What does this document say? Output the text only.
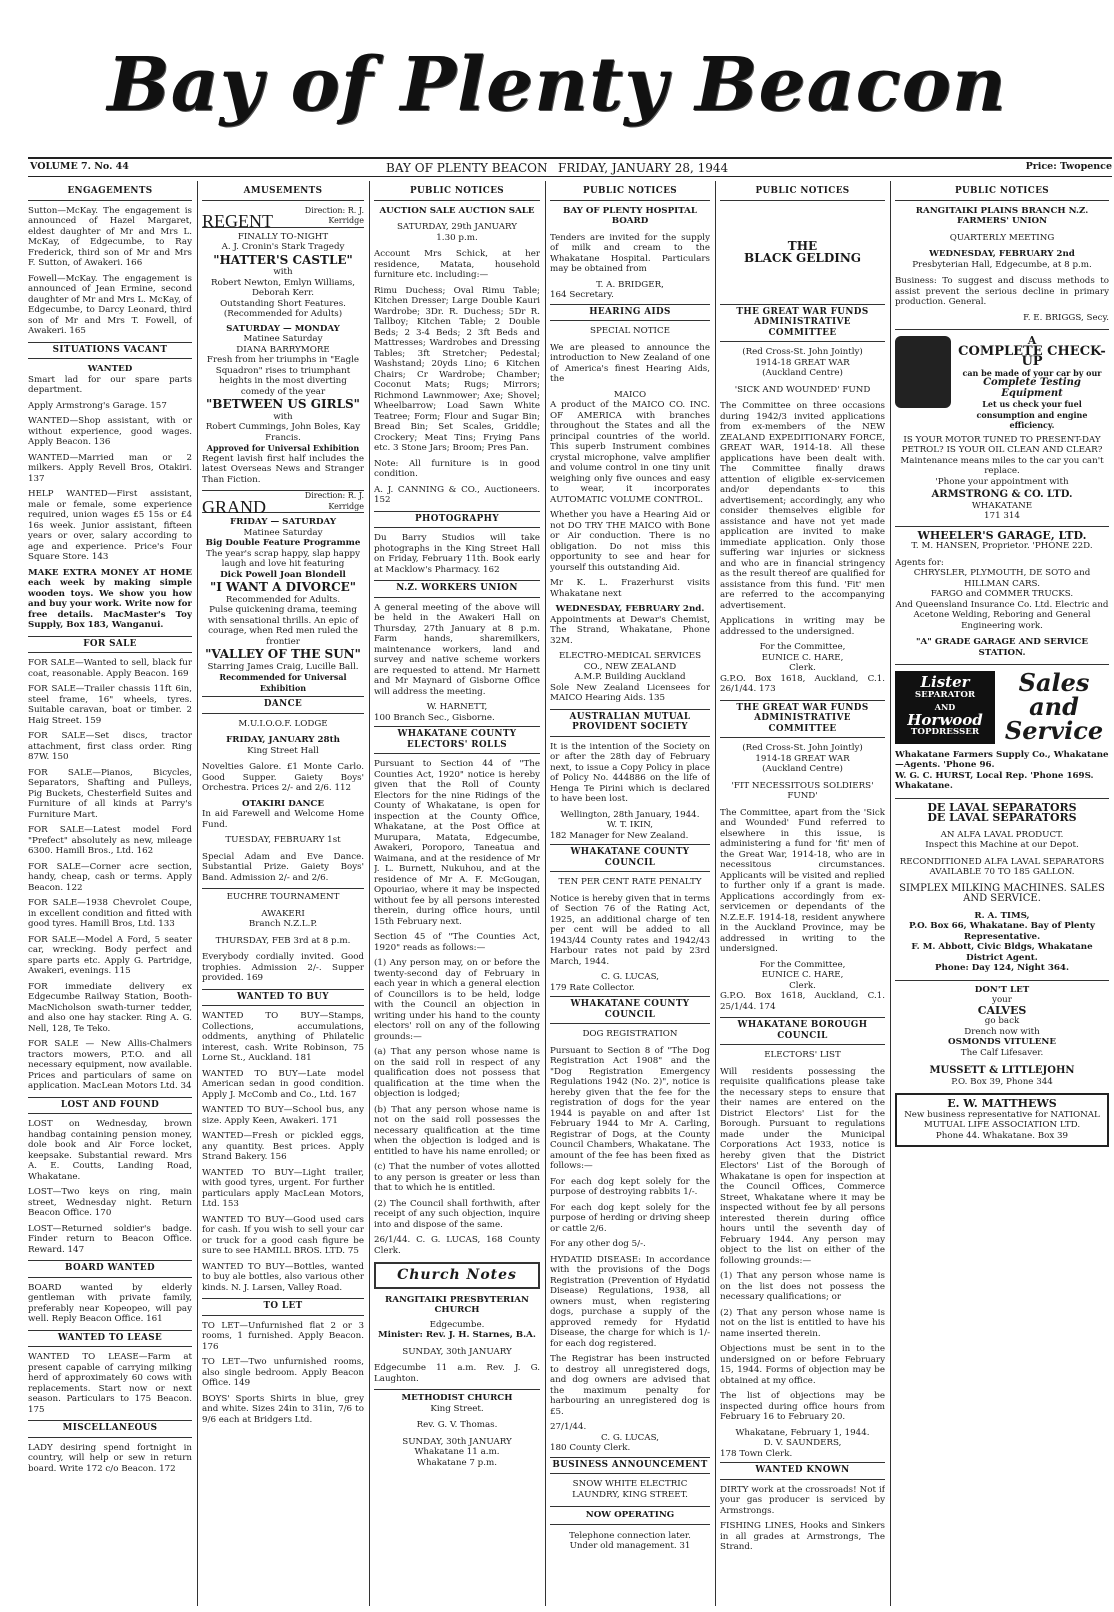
Bay of Plenty Beacon
VOLUME 7. No. 44	BAY OF PLENTY BEACON FRIDAY, JANUARY 28, 1944	Price: Twopence
ENGAGEMENTS

Sutton—McKay. The engagement is announced of Hazel Margaret, eldest daughter of Mr and Mrs L. McKay, of Edgecumbe, to Ray Frederick, third son of Mr and Mrs F. Sutton, of Awakeri. 166

Fowell—McKay. The engagement is announced of Jean Ermine, second daughter of Mr and Mrs L. McKay, of Edgecumbe, to Darcy Leonard, third son of Mr and Mrs T. Fowell, of Awakeri. 165

SITUATIONS VACANT
WANTED

Smart lad for our spare parts department.

Apply Armstrong's Garage. 157

WANTED—Shop assistant, with or without experience, good wages. Apply Beacon. 136

WANTED—Married man or 2 milkers. Apply Revell Bros, Otakiri. 137

HELP WANTED—First assistant, male or female, some experience required, union wages £5 15s or £4 16s week. Junior assistant, fifteen years or over, salary according to age and experience. Price's Four Square Store. 143

MAKE EXTRA MONEY AT HOME each week by making simple wooden toys. We show you how and buy your work. Write now for free details. MacMaster's Toy Supply, Box 183, Wanganui.

FOR SALE

FOR SALE—Wanted to sell, black fur coat, reasonable. Apply Beacon. 169

FOR SALE—Trailer chassis 11ft 6in, steel frame, 16" wheels, tyres. Suitable caravan, boat or timber. 2 Haig Street. 159

FOR SALE—Set discs, tractor attachment, first class order. Ring 87W. 150

FOR SALE—Pianos, Bicycles, Separators, Shafting and Pulleys, Pig Buckets, Chesterfield Suites and Furniture of all kinds at Parry's Furniture Mart.

FOR SALE—Latest model Ford "Prefect" absolutely as new, mileage 6300. Hamill Bros., Ltd. 162

FOR SALE—Corner acre section, handy, cheap, cash or terms. Apply Beacon. 122

FOR SALE—1938 Chevrolet Coupe, in excellent condition and fitted with good tyres. Hamill Bros, Ltd. 133

FOR SALE—Model A Ford, 5 seater car, wrecking. Body perfect and spare parts etc. Apply G. Partridge, Awakeri, evenings. 115

FOR immediate delivery ex Edgecumbe Railway Station, Booth-MacNicholson swath-turner tedder, and also one hay stacker. Ring A. G. Nell, 128, Te Teko.

FOR SALE — New Allis-Chalmers tractors mowers, P.T.O. and all necessary equipment, now available. Prices and particulars of same on application. MacLean Motors Ltd. 34

LOST AND FOUND

LOST on Wednesday, brown handbag containing pension money, dole book and Air Force locket, keepsake. Substantial reward. Mrs A. E. Coutts, Landing Road, Whakatane.

LOST—Two keys on ring, main street, Wednesday night. Return Beacon Office. 170

LOST—Returned soldier's badge. Finder return to Beacon Office. Reward. 147

BOARD WANTED

BOARD wanted by elderly gentleman with private family, preferably near Kopeopeo, will pay well. Reply Beacon Office. 161

WANTED TO LEASE

WANTED TO LEASE—Farm at present capable of carrying milking herd of approximately 60 cows with replacements. Start now or next season. Particulars to 175 Beacon. 175

MISCELLANEOUS

LADY desiring spend fortnight in country, will help or sew in return board. Write 172 c/o Beacon. 172

AMUSEMENTS
REGENT
Direction: R. J. Kerridge
FINALLY TO-NIGHT
A. J. Cronin's Stark Tragedy
"HATTER'S CASTLE"
with
Robert Newton, Emlyn Williams, Deborah Kerr.
Outstanding Short Features. (Recommended for Adults)
SATURDAY — MONDAY
Matinee Saturday
DIANA BARRYMORE
Fresh from her triumphs in "Eagle Squadron" rises to triumphant heights in the most diverting comedy of the year
"BETWEEN US GIRLS"
with
Robert Cummings, John Boles, Kay Francis.
Approved for Universal Exhibition

Regent lavish first half includes the latest Overseas News and Stranger Than Fiction.

GRAND
Direction: R. J. Kerridge
FRIDAY — SATURDAY
Matinee Saturday
Big Double Feature Programme
The year's scrap happy, slap happy laugh and love hit featuring
Dick Powell Joan Blondell
"I WANT A DIVORCE"
Recommended for Adults.
Pulse quickening drama, teeming with sensational thrills. An epic of courage, when Red men ruled the frontier
"VALLEY OF THE SUN"
Starring James Craig, Lucille Ball.
Recommended for Universal Exhibition
DANCE
M.U.I.O.O.F. LODGE
FRIDAY, JANUARY 28th
King Street Hall

Novelties Galore. £1 Monte Carlo. Good Supper. Gaiety Boys' Orchestra. Prices 2/- and 2/6. 112

OTAKIRI DANCE

In aid Farewell and Welcome Home Fund.

TUESDAY, FEBRUARY 1st

Special Adam and Eve Dance. Substantial Prize. Gaiety Boys' Band. Admission 2/- and 2/6.

EUCHRE TOURNAMENT
AWAKERI
Branch N.Z.L.P.
THURSDAY, FEB 3rd at 8 p.m.

Everybody cordially invited. Good trophies. Admission 2/-. Supper provided. 169

WANTED TO BUY

WANTED TO BUY—Stamps, Collections, accumulations, oddments, anything of Philatelic interest, cash. Write Robinson, 75 Lorne St., Auckland. 181

WANTED TO BUY—Late model American sedan in good condition. Apply J. McComb and Co., Ltd. 167

WANTED TO BUY—School bus, any size. Apply Keen, Awakeri. 171

WANTED—Fresh or pickled eggs, any quantity. Best prices. Apply Strand Bakery. 156

WANTED TO BUY—Light trailer, with good tyres, urgent. For further particulars apply MacLean Motors, Ltd. 153

WANTED TO BUY—Good used cars for cash. If you wish to sell your car or truck for a good cash figure be sure to see HAMILL BROS. LTD. 75

WANTED TO BUY—Bottles, wanted to buy ale bottles, also various other kinds. N. J. Larsen, Valley Road.

TO LET

TO LET—Unfurnished flat 2 or 3 rooms, 1 furnished. Apply Beacon. 176

TO LET—Two unfurnished rooms, also single bedroom. Apply Beacon Office. 149

BOYS' Sports Shirts in blue, grey and white. Sizes 24in to 31in, 7/6 to 9/6 each at Bridgers Ltd.

PUBLIC NOTICES
AUCTION SALE AUCTION SALE
SATURDAY, 29th JANUARY
1.30 p.m.

Account Mrs Schick, at her residence, Matata, household furniture etc. including:—

Rimu Duchess; Oval Rimu Table; Kitchen Dresser; Large Double Kauri Wardrobe; 3Dr. R. Duchess; 5Dr R. Tallboy; Kitchen Table; 2 Double Beds; 2 3-4 Beds; 2 3ft Beds and Mattresses; Wardrobes and Dressing Tables; 3ft Stretcher; Pedestal; Washstand; 20yds Lino; 6 Kitchen Chairs; Cr Wardrobe; Chamber; Coconut Mats; Rugs; Mirrors; Richmond Lawnmower; Axe; Shovel; Wheelbarrow; Load Sawn White Teatree; Form; Flour and Sugar Bin; Bread Bin; Set Scales, Griddle; Crockery; Meat Tins; Frying Pans etc. 3 Stone Jars; Broom; Pres Pan.

Note: All furniture is in good condition.

A. J. CANNING & CO., Auctioneers. 152

PHOTOGRAPHY

Du Barry Studios will take photographs in the King Street Hall on Friday, February 11th. Book early at Macklow's Pharmacy. 162

N.Z. WORKERS UNION

A general meeting of the above will be held in the Awakeri Hall on Thursday, 27th January at 8 p.m. Farm hands, sharemilkers, maintenance workers, land and survey and native scheme workers are requested to attend. Mr Harnett and Mr Maynard of Gisborne Office will address the meeting.

W. HARNETT,
100 Branch Sec., Gisborne.
WHAKATANE COUNTY ELECTORS' ROLLS

Pursuant to Section 44 of "The Counties Act, 1920" notice is hereby given that the Roll of County Electors for the nine Ridings of the County of Whakatane, is open for inspection at the County Office, Whakatane, at the Post Office at Murupara, Matata, Edgecumbe, Awakeri, Poroporo, Taneatua and Waimana, and at the residence of Mr J. L. Burnett, Nukuhou, and at the residence of Mr A. F. McGougan, Opouriao, where it may be inspected without fee by all persons interested therein, during office hours, until 15th February next.

Section 45 of "The Counties Act, 1920" reads as follows:—

(1) Any person may, on or before the twenty-second day of February in each year in which a general election of Councillors is to be held, lodge with the Council an objection in writing under his hand to the county electors' roll on any of the following grounds:—

(a) That any person whose name is on the said roll in respect of any qualification does not possess that qualification at the time when the objection is lodged;

(b) That any person whose name is not on the said roll possesses the necessary qualification at the time when the objection is lodged and is entitled to have his name enrolled; or

(c) That the number of votes allotted to any person is greater or less than that to which he is entitled.

(2) The Council shall forthwith, after receipt of any such objection, inquire into and dispose of the same.

26/1/44. C. G. LUCAS, 168 County Clerk.

Church Notes
RANGITAIKI PRESBYTERIAN CHURCH
Edgecumbe.
Minister: Rev. J. H. Starnes, B.A.
SUNDAY, 30th JANUARY

Edgecumbe 11 a.m. Rev. J. G. Laughton.

METHODIST CHURCH
King Street.
Rev. G. V. Thomas.
SUNDAY, 30th JANUARY
Whakatane 11 a.m.
Whakatane 7 p.m.
PUBLIC NOTICES
BAY OF PLENTY HOSPITAL BOARD

Tenders are invited for the supply of milk and cream to the Whakatane Hospital. Particulars may be obtained from

T. A. BRIDGER,
164 Secretary.
HEARING AIDS
SPECIAL NOTICE

We are pleased to announce the introduction to New Zealand of one of America's finest Hearing Aids, the

MAICO

A product of the MAICO CO. INC. OF AMERICA with branches throughout the States and all the principal countries of the world. This superb Instrument combines crystal microphone, valve amplifier and volume control in one tiny unit weighing only five ounces and easy to wear, it incorporates AUTOMATIC VOLUME CONTROL.

Whether you have a Hearing Aid or not DO TRY THE MAICO with Bone or Air conduction. There is no obligation. Do not miss this opportunity to see and hear for yourself this outstanding Aid.

Mr K. L. Frazerhurst visits Whakatane next

WEDNESDAY, FEBRUARY 2nd.

Appointments at Dewar's Chemist, The Strand, Whakatane, Phone 32M.

ELECTRO-MEDICAL SERVICES CO., NEW ZEALAND
A.M.P. Building Auckland

Sole New Zealand Licensees for MAICO Hearing Aids. 135

AUSTRALIAN MUTUAL PROVIDENT SOCIETY

It is the intention of the Society on or after the 28th day of February next, to issue a Copy Policy in place of Policy No. 444886 on the life of Henga Te Pirini which is declared to have been lost.

Wellington, 28th January, 1944.
W. T. IKIN,
182 Manager for New Zealand.
WHAKATANE COUNTY COUNCIL
TEN PER CENT RATE PENALTY

Notice is hereby given that in terms of Section 76 of the Rating Act, 1925, an additional charge of ten per cent will be added to all 1943/44 County rates and 1942/43 Harbour rates not paid by 23rd March, 1944.

C. G. LUCAS,
179 Rate Collector.
WHAKATANE COUNTY COUNCIL
DOG REGISTRATION

Pursuant to Section 8 of "The Dog Registration Act 1908" and the "Dog Registration Emergency Regulations 1942 (No. 2)", notice is hereby given that the fee for the registration of dogs for the year 1944 is payable on and after 1st February 1944 to Mr A. Carling, Registrar of Dogs, at the County Council Chambers, Whakatane. The amount of the fee has been fixed as follows:—

For each dog kept solely for the purpose of destroying rabbits 1/-.

For each dog kept solely for the purpose of herding or driving sheep or cattle 2/6.

For any other dog 5/-.

HYDATID DISEASE: In accordance with the provisions of the Dogs Registration (Prevention of Hydatid Disease) Regulations, 1938, all owners must, when registering dogs, purchase a supply of the approved remedy for Hydatid Disease, the charge for which is 1/- for each dog registered.

The Registrar has been instructed to destroy all unregistered dogs, and dog owners are advised that the maximum penalty for harbouring an unregistered dog is £5.

27/1/44.
C. G. LUCAS,
180 County Clerk.
BUSINESS ANNOUNCEMENT
SNOW WHITE ELECTRIC LAUNDRY, KING STREET.
NOW OPERATING
Telephone connection later.
Under old management. 31
PUBLIC NOTICES
THE
BLACK GELDING
THE GREAT WAR FUNDS ADMINISTRATIVE COMMITTEE
(Red Cross-St. John Jointly)
1914-18 GREAT WAR
(Auckland Centre)
'SICK AND WOUNDED' FUND

The Committee on three occasions during 1942/3 invited applications from ex-members of the NEW ZEALAND EXPEDITIONARY FORCE, GREAT WAR, 1914-18. All these applications have been dealt with. The Committee finally draws attention of eligible ex-servicemen and/or dependants to this advertisement; accordingly, any who consider themselves eligible for assistance and have not yet made application are invited to make immediate application. Only those suffering war injuries or sickness and who are in financial stringency as the result thereof are qualified for assistance from this fund. 'Fit' men are referred to the accompanying advertisement.

Applications in writing may be addressed to the undersigned.

For the Committee,
EUNICE C. HARE,
Clerk.

G.P.O. Box 1618, Auckland, C.1. 26/1/44. 173

THE GREAT WAR FUNDS ADMINISTRATIVE COMMITTEE
(Red Cross-St. John Jointly)
1914-18 GREAT WAR
(Auckland Centre)
'FIT NECESSITOUS SOLDIERS' FUND'

The Committee, apart from the 'Sick and Wounded' Fund referred to elsewhere in this issue, is administering a fund for 'fit' men of the Great War, 1914-18, who are in necessitous circumstances. Applicants will be visited and replied to further only if a grant is made. Applications accordingly from ex-servicemen or dependants of the N.Z.E.F. 1914-18, resident anywhere in the Auckland Province, may be addressed in writing to the undersigned.

For the Committee,
EUNICE C. HARE,
Clerk.

G.P.O. Box 1618, Auckland, C.1. 25/1/44. 174

WHAKATANE BOROUGH COUNCIL
ELECTORS' LIST

Will residents possessing the requisite qualifications please take the necessary steps to ensure that their names are entered on the District Electors' List for the Borough. Pursuant to regulations made under the Municipal Corporations Act 1933, notice is hereby given that the District Electors' List of the Borough of Whakatane is open for inspection at the Council Offices, Commerce Street, Whakatane where it may be inspected without fee by all persons interested therein during office hours until the seventh day of February 1944. Any person may object to the list on either of the following grounds:—

(1) That any person whose name is on the list does not possess the necessary qualifications; or

(2) That any person whose name is not on the list is entitled to have his name inserted therein.

Objections must be sent in to the undersigned on or before February 15, 1944. Forms of objection may be obtained at my office.

The list of objections may be inspected during office hours from February 16 to February 20.

Whakatane, February 1, 1944.
D. V. SAUNDERS,
178 Town Clerk.
WANTED KNOWN

DIRTY work at the crossroads! Not if your gas producer is serviced by Armstrongs.

FISHING LINES, Hooks and Sinkers in all grades at Armstrongs, The Strand.

PUBLIC NOTICES
RANGITAIKI PLAINS BRANCH N.Z. FARMERS' UNION
QUARTERLY MEETING
WEDNESDAY, FEBRUARY 2nd
Presbyterian Hall, Edgecumbe, at 8 p.m.

Business: To suggest and discuss methods to assist prevent the serious decline in primary production. General.

F. E. BRIGGS, Secy.
A
COMPLETE CHECK-UP
can be made of your car by our
Complete Testing Equipment
Let us check your fuel consumption and engine efficiency.
IS YOUR MOTOR TUNED TO PRESENT-DAY PETROL? IS YOUR OIL CLEAN AND CLEAR?
Maintenance means miles to the car you can't replace.
'Phone your appointment with
ARMSTRONG & CO. LTD.
WHAKATANE
171 314
WHEELER'S GARAGE, LTD.
T. M. HANSEN, Proprietor. 'PHONE 22D.
Agents for:
CHRYSLER, PLYMOUTH, DE SOTO and HILLMAN CARS.
FARGO and COMMER TRUCKS.
And Queensland Insurance Co. Ltd. Electric and Acetone Welding, Reboring and General Engineering work.
"A" GRADE GARAGE AND SERVICE STATION.
Lister
SEPARATOR
AND
Horwood
TOPDRESSER
Sales and Service
Whakatane Farmers Supply Co., Whakatane—Agents. 'Phone 96.
W. G. C. HURST, Local Rep. 'Phone 169S. Whakatane.
DE LAVAL SEPARATORS
DE LAVAL SEPARATORS
AN ALFA LAVAL PRODUCT.
Inspect this Machine at our Depot.
RECONDITIONED ALFA LAVAL SEPARATORS AVAILABLE 70 TO 185 GALLON.
SIMPLEX MILKING MACHINES. SALES AND SERVICE.
R. A. TIMS,
P.O. Box 66, Whakatane. Bay of Plenty Representative.
F. M. Abbott, Civic Bldgs, Whakatane District Agent.
Phone: Day 124, Night 364.
DON'T LET
your
CALVES
go back
Drench now with
OSMONDS VITULENE
The Calf Lifesaver.
MUSSETT & LITTLEJOHN
P.O. Box 39, Phone 344
E. W. MATTHEWS
New business representative for NATIONAL MUTUAL LIFE ASSOCIATION LTD.
Phone 44. Whakatane. Box 39
